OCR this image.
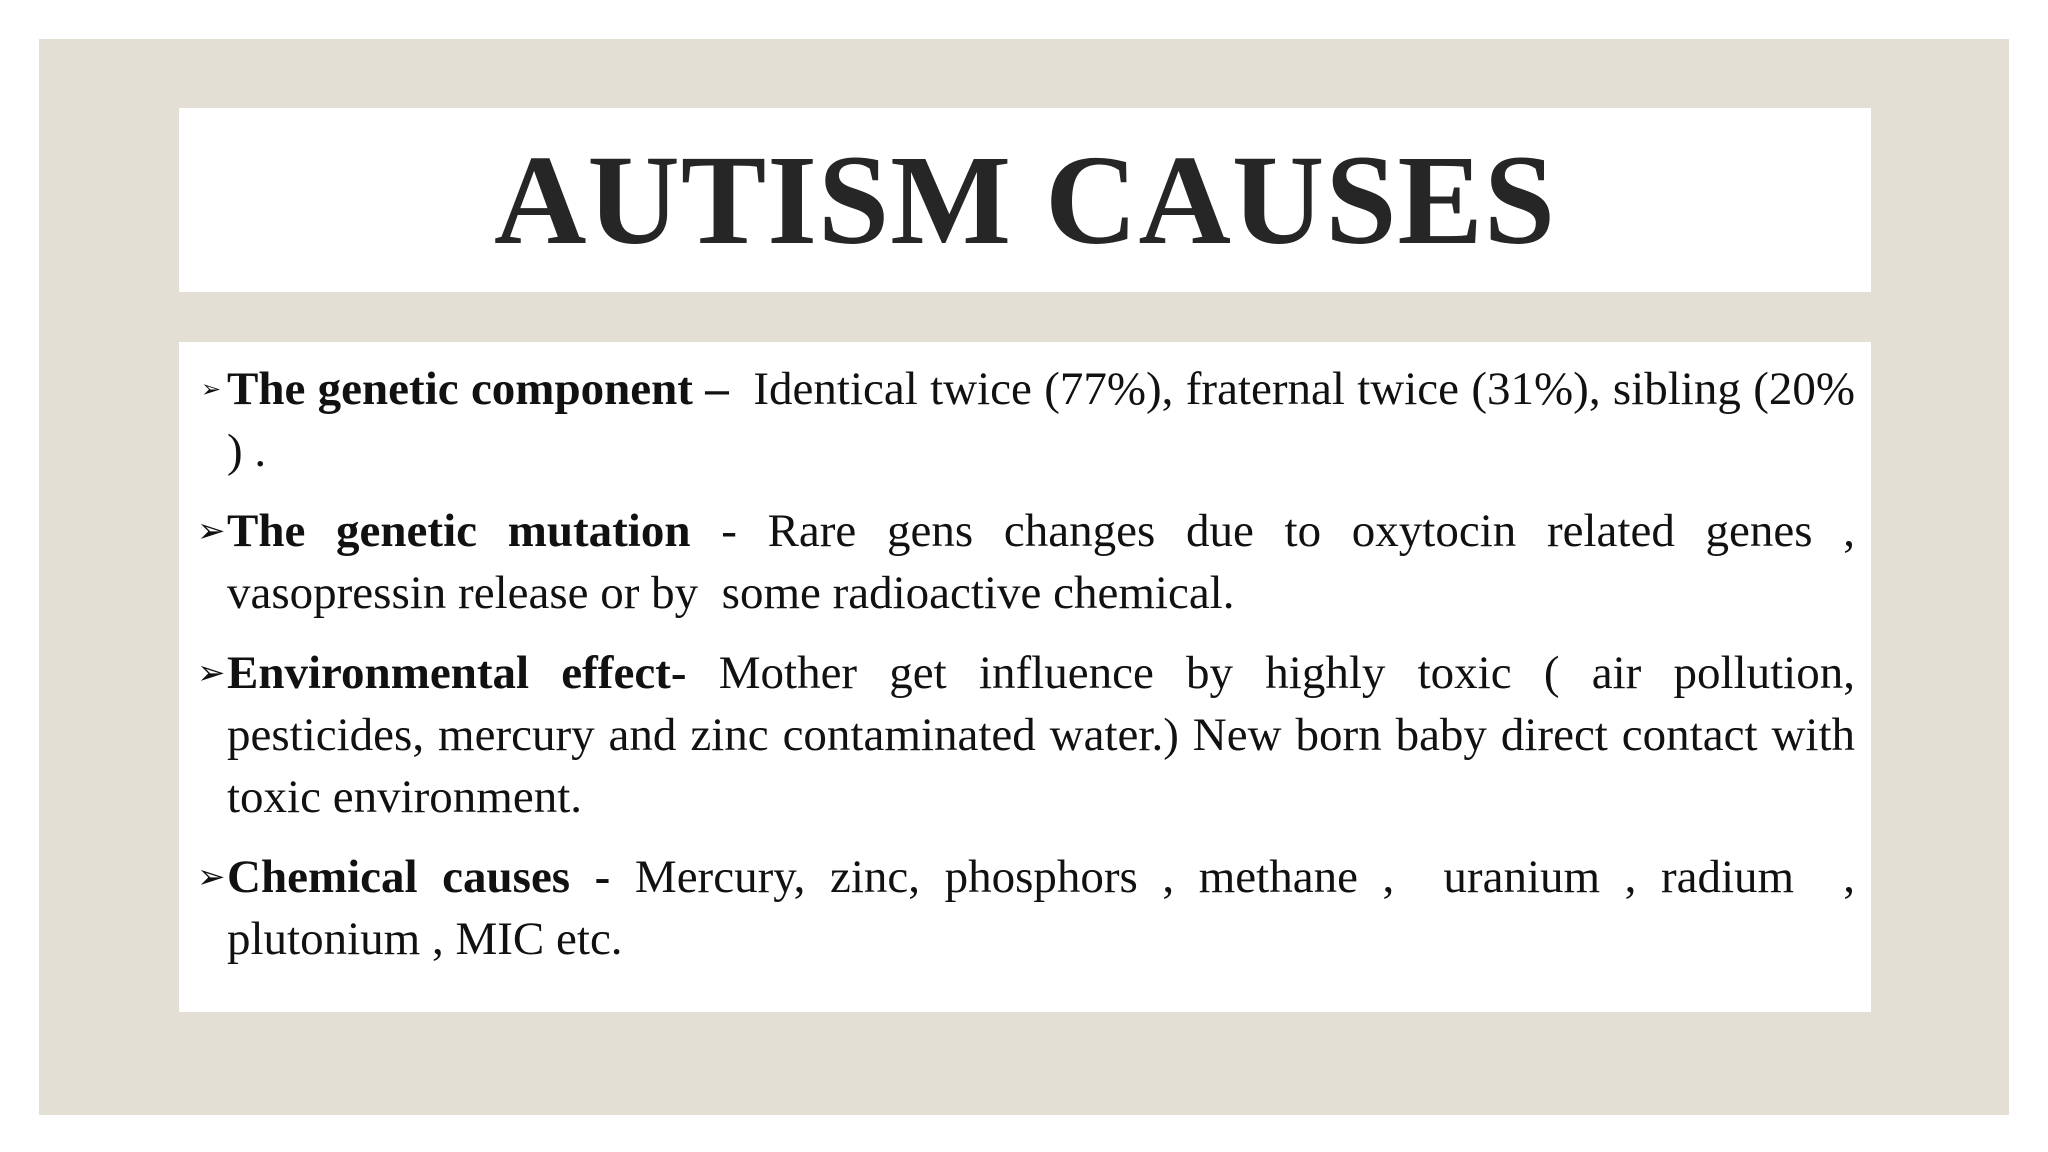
AUTISM CAUSES
➢ The genetic component –  Identical twice (77%), fraternal twice (31%), sibling (20% ) .
➢ The genetic mutation - Rare gens changes due to oxytocin related genes , vasopressin release or by  some radioactive chemical.
➢ Environmental effect- Mother get influence by highly toxic ( air pollution, pesticides, mercury and zinc contaminated water.) New born baby direct contact with toxic environment.
➢ Chemical causes - Mercury, zinc, phosphors , methane ,  uranium , radium  , plutonium , MIC etc.
